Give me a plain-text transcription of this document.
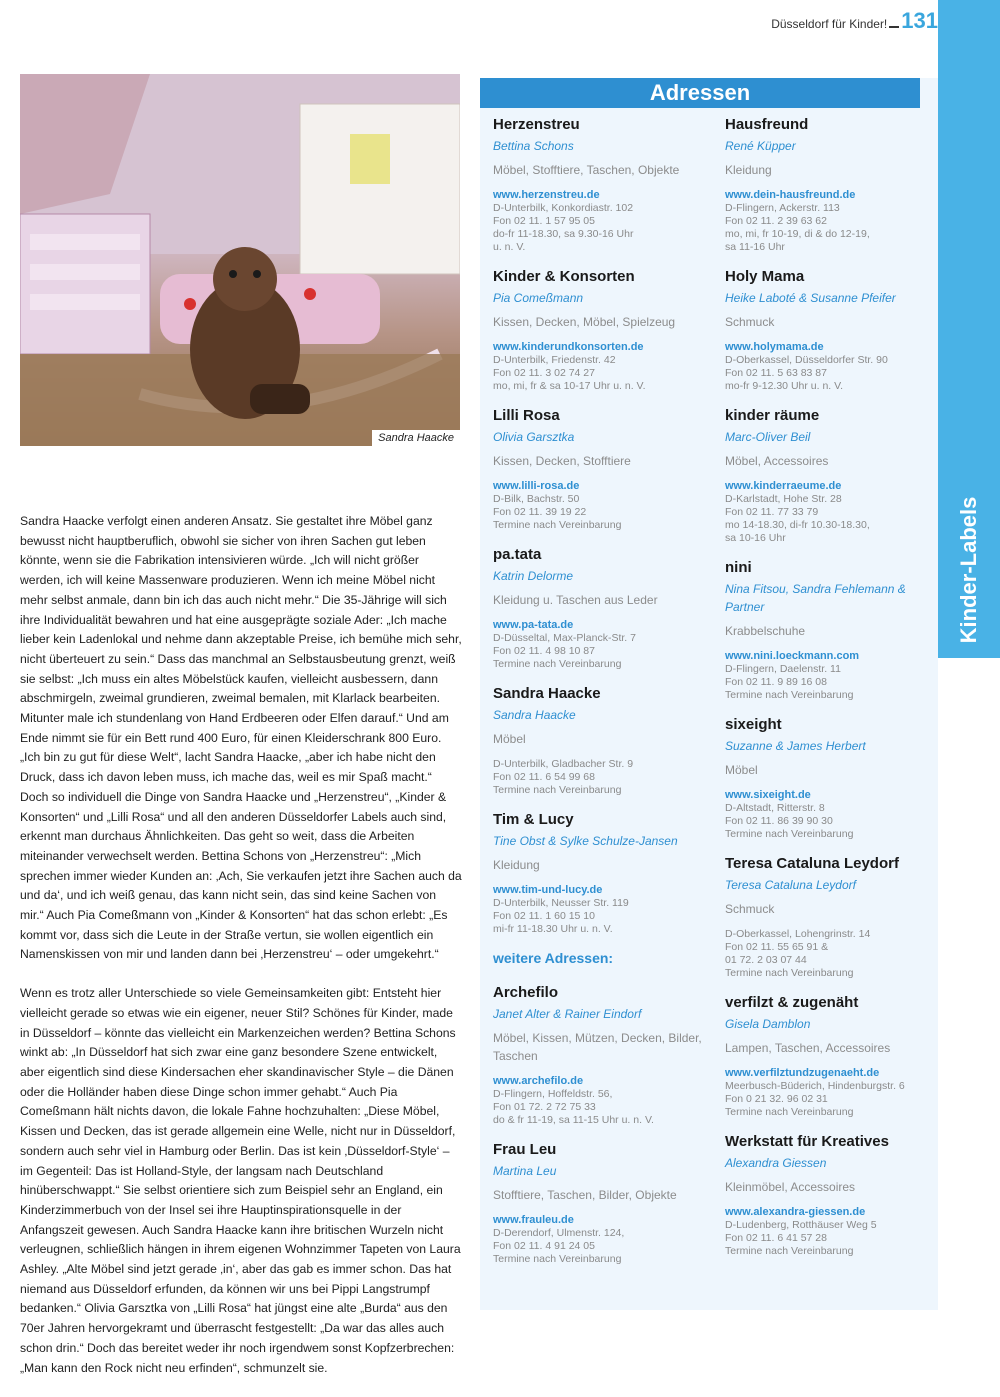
Düsseldorf für Kinder! 131
Kinder-Labels
Sandra Haacke

Sandra Haacke verfolgt einen anderen Ansatz. Sie gestaltet ihre Möbel ganz bewusst nicht hauptberuflich, obwohl sie sicher von ihren Sachen gut leben könnte, wenn sie die Fabrikation intensivieren würde. „Ich will nicht größer werden, ich will keine Massenware produzieren. Wenn ich meine Möbel nicht mehr selbst anmale, dann bin ich das auch nicht mehr.“ Die 35-Jährige will sich ihre Individualität bewahren und hat eine ausgeprägte soziale Ader: „Ich mache lieber kein Ladenlokal und nehme dann akzeptable Preise, ich bemühe mich sehr, nicht überteuert zu sein.“ Dass das manchmal an Selbstausbeutung grenzt, weiß sie selbst: „Ich muss ein altes Möbelstück kaufen, vielleicht ausbessern, dann abschmirgeln, zweimal grundieren, zweimal bemalen, mit Klarlack bearbeiten. Mitunter male ich stundenlang von Hand Erdbeeren oder Elfen darauf.“ Und am Ende nimmt sie für ein Bett rund 400 Euro, für einen Kleiderschrank 800 Euro. „Ich bin zu gut für diese Welt“, lacht Sandra Haacke, „aber ich habe nicht den Druck, dass ich davon leben muss, ich mache das, weil es mir Spaß macht.“ Doch so individuell die Dinge von Sandra Haacke und „Herzenstreu“, „Kinder & Konsorten“ und „Lilli Rosa“ und all den anderen Düsseldorfer Labels auch sind, erkennt man durchaus Ähnlichkeiten. Das geht so weit, dass die Arbeiten miteinander verwechselt werden. Bettina Schons von „Herzenstreu“: „Mich sprechen immer wieder Kunden an: ‚Ach, Sie verkaufen jetzt ihre Sachen auch da und da‘, und ich weiß genau, das kann nicht sein, das sind keine Sachen von mir.“ Auch Pia Comeßmann von „Kinder & Konsorten“ hat das schon erlebt: „Es kommt vor, dass sich die Leute in der Straße vertun, sie wollen eigentlich ein Namenskissen von mir und landen dann bei ‚Herzenstreu‘ – oder umgekehrt.“

Wenn es trotz aller Unterschiede so viele Gemeinsamkeiten gibt: Entsteht hier vielleicht gerade so etwas wie ein eigener, neuer Stil? Schönes für Kinder, made in Düsseldorf – könnte das vielleicht ein Markenzeichen werden? Bettina Schons winkt ab: „In Düsseldorf hat sich zwar eine ganz besondere Szene entwickelt, aber eigentlich sind diese Kindersachen eher skandinavischer Style – die Dänen oder die Holländer haben diese Dinge schon immer gehabt.“ Auch Pia Comeßmann hält nichts davon, die lokale Fahne hochzuhalten: „Diese Möbel, Kissen und Decken, das ist gerade allgemein eine Welle, nicht nur in Düsseldorf, sondern auch sehr viel in Hamburg oder Berlin. Das ist kein ‚Düsseldorf-Style‘ – im Gegenteil: Das ist Holland-Style, der langsam nach Deutschland hinüberschwappt.“ Sie selbst orientiere sich zum Beispiel sehr an England, ein Kinderzimmerbuch von der Insel sei ihre Hauptinspirationsquelle in der Anfangszeit gewesen. Auch Sandra Haacke kann ihre britischen Wurzeln nicht verleugnen, schließlich hängen in ihrem eigenen Wohnzimmer Tapeten von Laura Ashley. „Alte Möbel sind jetzt gerade ‚in‘, aber das gab es immer schon. Das hat niemand aus Düsseldorf erfunden, da können wir uns bei Pippi Langstrumpf bedanken.“ Olivia Garsztka von „Lilli Rosa“ hat jüngst eine alte „Burda“ aus den 70er Jahren hervorgekramt und überrascht festgestellt: „Da war das alles auch schon drin.“ Doch das bereitet weder ihr noch irgendwem sonst Kopfzerbrechen: „Man kann den Rock nicht neu erfinden“, schmunzelt sie.

Adressen
Herzenstreu
Bettina Schons
Möbel, Stofftiere, Taschen, Objekte
www.herzenstreu.de
D-Unterbilk, Konkordiastr. 102
Fon 02 11. 1 57 95 05
do-fr 11-18.30, sa 9.30-16 Uhr
u. n. V.
Kinder & Konsorten
Pia Comeßmann
Kissen, Decken, Möbel, Spielzeug
www.kinderundkonsorten.de
D-Unterbilk, Friedenstr. 42
Fon 02 11. 3 02 74 27
mo, mi, fr & sa 10-17 Uhr u. n. V.
Lilli Rosa
Olivia Garsztka
Kissen, Decken, Stofftiere
www.lilli-rosa.de
D-Bilk, Bachstr. 50
Fon 02 11. 39 19 22
Termine nach Vereinbarung
pa.tata
Katrin Delorme
Kleidung u. Taschen aus Leder
www.pa-tata.de
D-Düsseltal, Max-Planck-Str. 7
Fon 02 11. 4 98 10 87
Termine nach Vereinbarung
Sandra Haacke
Sandra Haacke
Möbel
D-Unterbilk, Gladbacher Str. 9
Fon 02 11. 6 54 99 68
Termine nach Vereinbarung
Tim & Lucy
Tine Obst & Sylke Schulze-Jansen
Kleidung
www.tim-und-lucy.de
D-Unterbilk, Neusser Str. 119
Fon 02 11. 1 60 15 10
mi-fr 11-18.30 Uhr u. n. V.
weitere Adressen:
Archefilo
Janet Alter & Rainer Eindorf
Möbel, Kissen, Mützen, Decken, Bilder, Taschen
www.archefilo.de
D-Flingern, Hoffeldstr. 56,
Fon 01 72. 2 72 75 33
do & fr 11-19, sa 11-15 Uhr u. n. V.
Frau Leu
Martina Leu
Stofftiere, Taschen, Bilder, Objekte
www.frauleu.de
D-Derendorf, Ulmenstr. 124,
Fon 02 11. 4 91 24 05
Termine nach Vereinbarung
Hausfreund
René Küpper
Kleidung
www.dein-hausfreund.de
D-Flingern, Ackerstr. 113
Fon 02 11. 2 39 63 62
mo, mi, fr 10-19, di & do 12-19,
sa 11-16 Uhr
Holy Mama
Heike Laboté & Susanne Pfeifer
Schmuck
www.holymama.de
D-Oberkassel, Düsseldorfer Str. 90
Fon 02 11. 5 63 83 87
mo-fr 9-12.30 Uhr u. n. V.
kinder räume
Marc-Oliver Beil
Möbel, Accessoires
www.kinderraeume.de
D-Karlstadt, Hohe Str. 28
Fon 02 11. 77 33 79
mo 14-18.30, di-fr 10.30-18.30,
sa 10-16 Uhr
nini
Nina Fitsou, Sandra Fehlemann & Partner
Krabbelschuhe
www.nini.loeckmann.com
D-Flingern, Daelenstr. 11
Fon 02 11. 9 89 16 08
Termine nach Vereinbarung
sixeight
Suzanne & James Herbert
Möbel
www.sixeight.de
D-Altstadt, Ritterstr. 8
Fon 02 11. 86 39 90 30
Termine nach Vereinbarung
Teresa Cataluna Leydorf
Teresa Cataluna Leydorf
Schmuck
D-Oberkassel, Lohengrinstr. 14
Fon 02 11. 55 65 91 &
01 72. 2 03 07 44
Termine nach Vereinbarung
verfilzt & zugenäht
Gisela Damblon
Lampen, Taschen, Accessoires
www.verfilztundzugenaeht.de
Meerbusch-Büderich, Hindenburgstr. 6
Fon 0 21 32. 96 02 31
Termine nach Vereinbarung
Werkstatt für Kreatives
Alexandra Giessen
Kleinmöbel, Accessoires
www.alexandra-giessen.de
D-Ludenberg, Rotthäuser Weg 5
Fon 02 11. 6 41 57 28
Termine nach Vereinbarung
